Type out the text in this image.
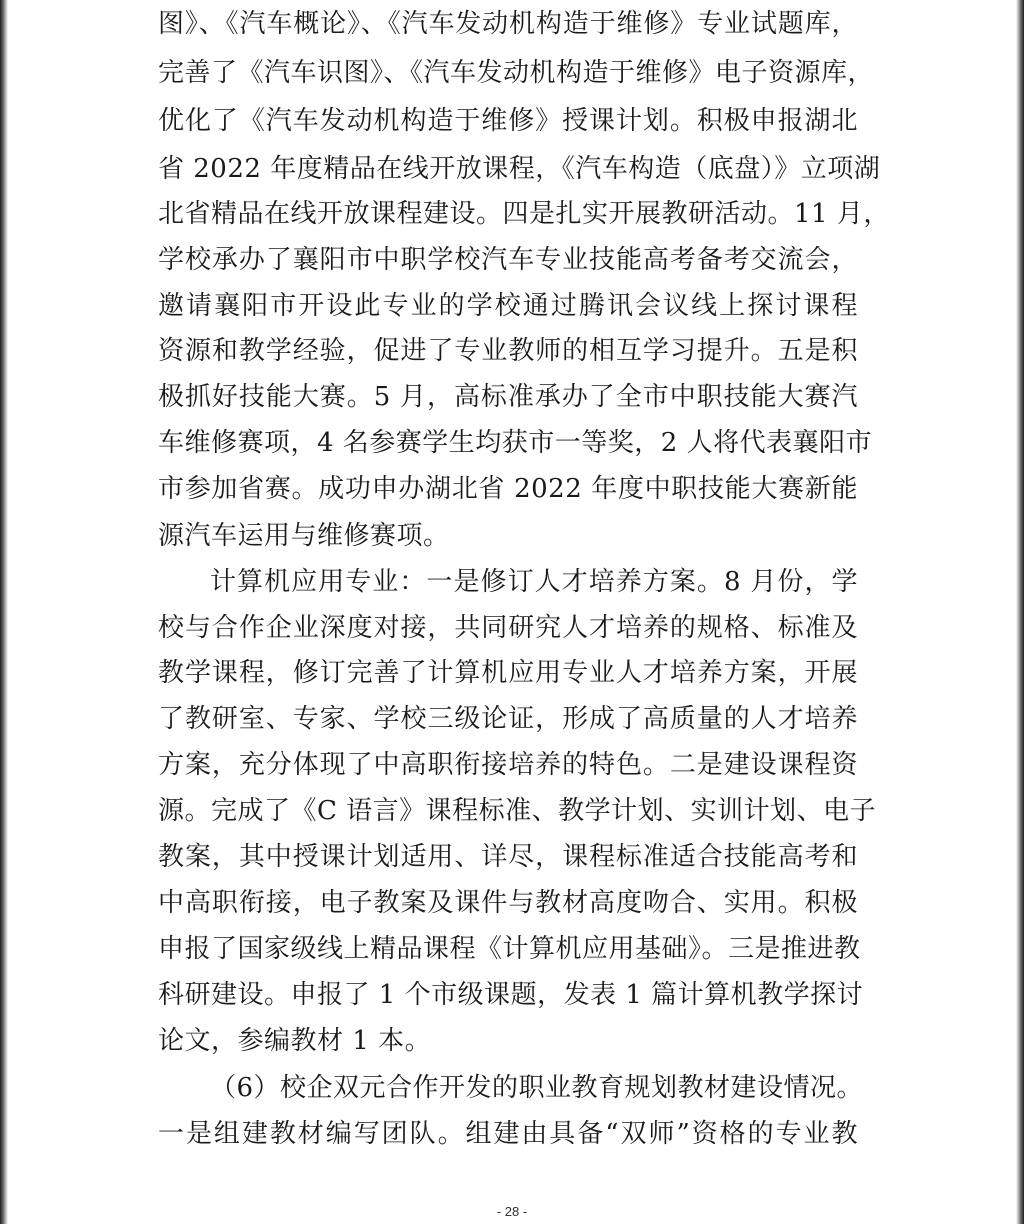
图》、《汽车概论》、《汽车发动机构造于维修》专业试题库，
完善了《汽车识图》、《汽车发动机构造于维修》电子资源库，
优化了《汽车发动机构造于维修》授课计划。积极申报湖北
省 2022 年度精品在线开放课程，《汽车构造（底盘）》立项湖
北省精品在线开放课程建设。四是扎实开展教研活动。11 月，
学校承办了襄阳市中职学校汽车专业技能高考备考交流会，
邀请襄阳市开设此专业的学校通过腾讯会议线上探讨课程
资源和教学经验，促进了专业教师的相互学习提升。五是积
极抓好技能大赛。5 月，高标准承办了全市中职技能大赛汽
车维修赛项，4 名参赛学生均获市一等奖，2 人将代表襄阳市
市参加省赛。成功申办湖北省 2022 年度中职技能大赛新能
源汽车运用与维修赛项。
计算机应用专业：一是修订人才培养方案。8 月份，学
校与合作企业深度对接，共同研究人才培养的规格、标准及
教学课程，修订完善了计算机应用专业人才培养方案，开展
了教研室、专家、学校三级论证，形成了高质量的人才培养
方案，充分体现了中高职衔接培养的特色。二是建设课程资
源。完成了《C 语言》课程标准、教学计划、实训计划、电子
教案，其中授课计划适用、详尽，课程标准适合技能高考和
中高职衔接，电子教案及课件与教材高度吻合、实用。积极
申报了国家级线上精品课程《计算机应用基础》。三是推进教
科研建设。申报了 1 个市级课题，发表 1 篇计算机教学探讨
论文，参编教材 1 本。
（6）校企双元合作开发的职业教育规划教材建设情况。
一是组建教材编写团队。组建由具备“双师”资格的专业教
- 28 -
